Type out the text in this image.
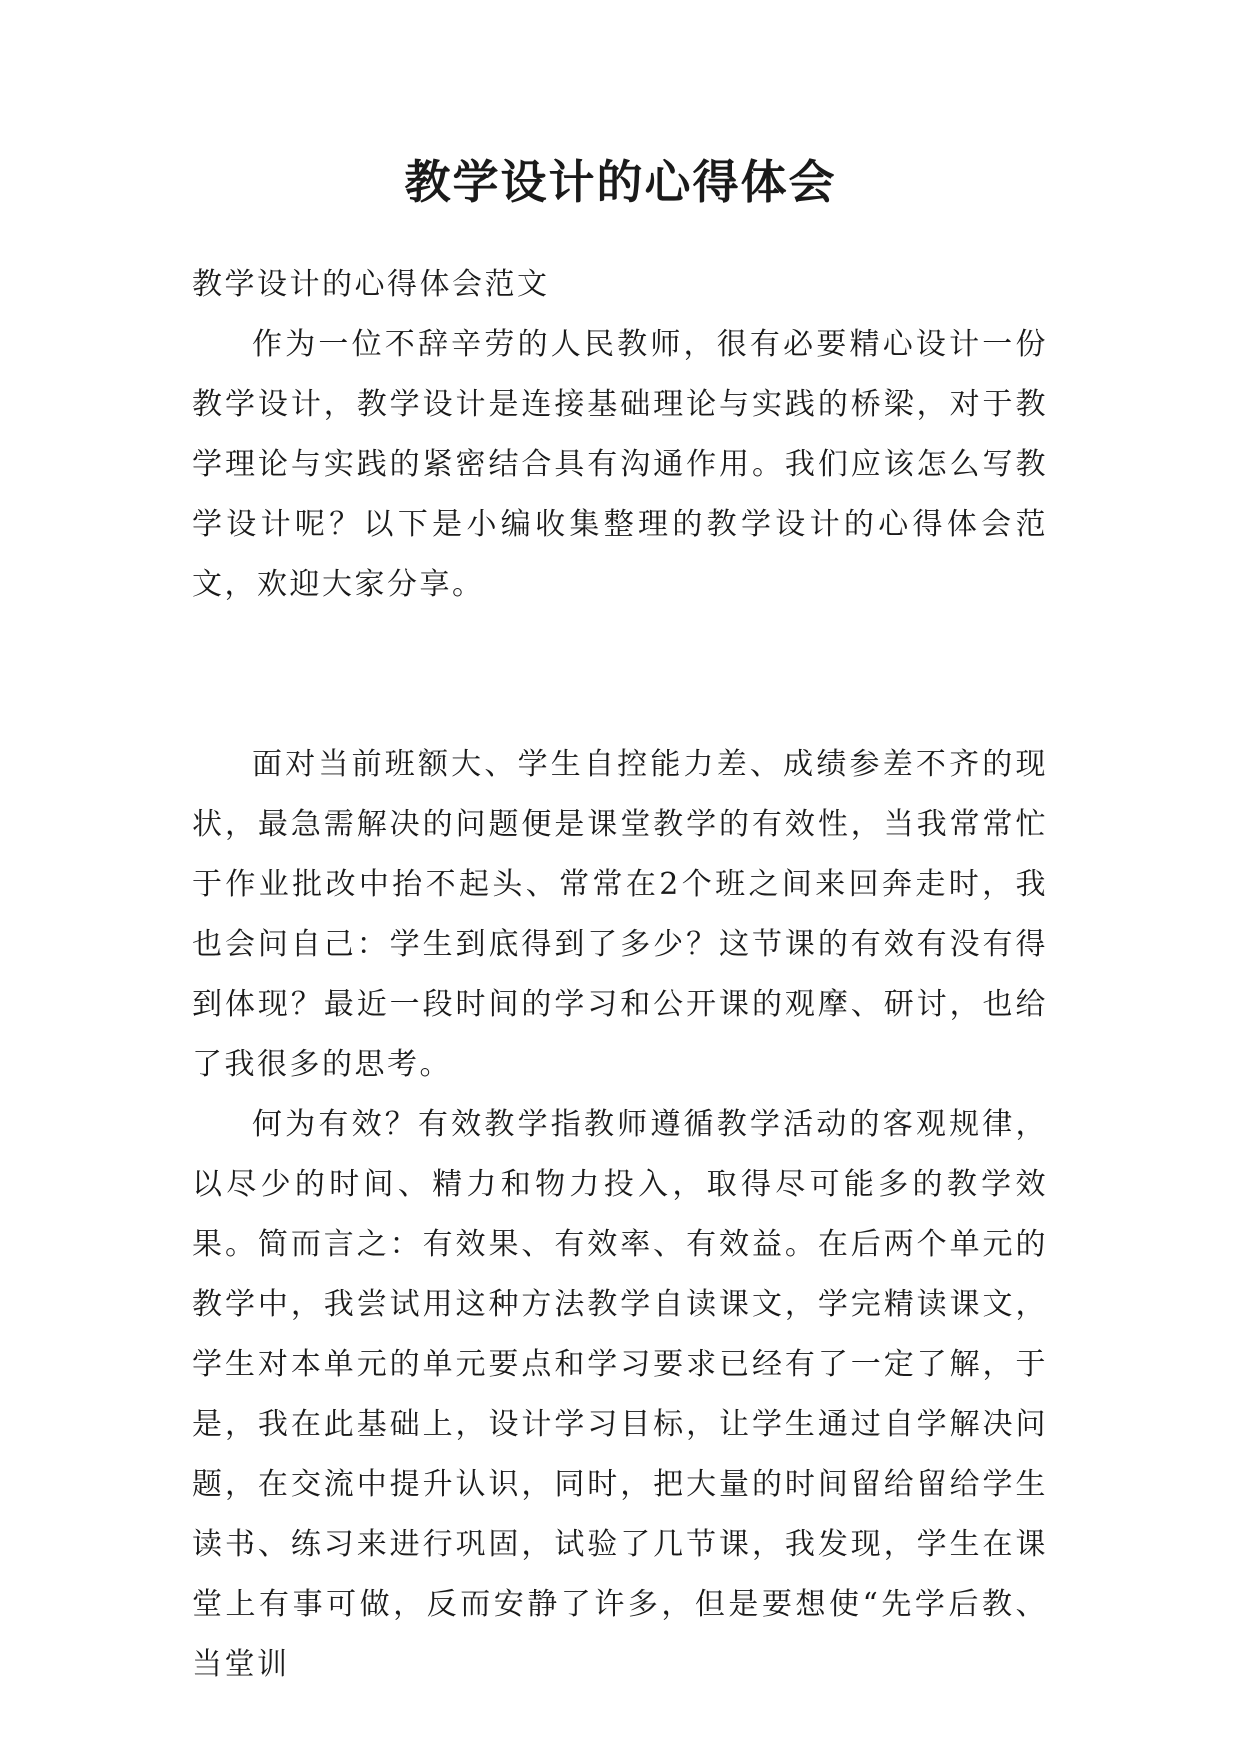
教学设计的心得体会

教学设计的心得体会范文

作为一位不辞辛劳的人民教师，很有必要精心设计一份教学设计，教学设计是连接基础理论与实践的桥梁，对于教学理论与实践的紧密结合具有沟通作用。我们应该怎么写教学设计呢？以下是小编收集整理的教学设计的心得体会范文，欢迎大家分享。

面对当前班额大、学生自控能力差、成绩参差不齐的现状，最急需解决的问题便是课堂教学的有效性，当我常常忙于作业批改中抬不起头、常常在2个班之间来回奔走时，我也会问自己：学生到底得到了多少？这节课的有效有没有得到体现？最近一段时间的学习和公开课的观摩、研讨，也给了我很多的思考。

何为有效？有效教学指教师遵循教学活动的客观规律，以尽少的时间、精力和物力投入，取得尽可能多的教学效果。简而言之：有效果、有效率、有效益。在后两个单元的教学中，我尝试用这种方法教学自读课文，学完精读课文，学生对本单元的单元要点和学习要求已经有了一定了解，于是，我在此基础上，设计学习目标，让学生通过自学解决问题，在交流中提升认识，同时，把大量的时间留给留给学生读书、练习来进行巩固，试验了几节课，我发现，学生在课堂上有事可做，反而安静了许多，但是要想使“先学后教、当堂训
